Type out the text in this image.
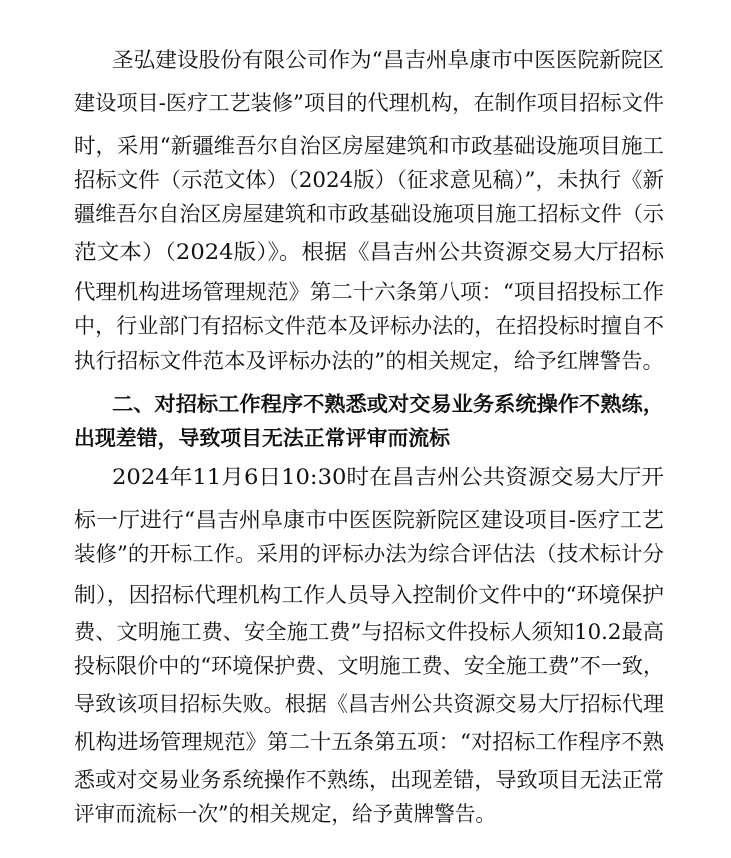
圣弘建设股份有限公司作为“昌吉州阜康市中医医院新院区
建设项目-医疗工艺装修”项目的代理机构，在制作项目招标文件
时，采用“新疆维吾尔自治区房屋建筑和市政基础设施项目施工
招标文件（示范文体）（2024版）（征求意见稿）”，未执行《新
疆维吾尔自治区房屋建筑和市政基础设施项目施工招标文件（示
范文本）（2024版）》。根据《昌吉州公共资源交易大厅招标
代理机构进场管理规范》第二十六条第八项：“项目招投标工作
中，行业部门有招标文件范本及评标办法的，在招投标时擅自不
执行招标文件范本及评标办法的”的相关规定，给予红牌警告。
二、对招标工作程序不熟悉或对交易业务系统操作不熟练，
出现差错，导致项目无法正常评审而流标
2024年11月6日10:30时在昌吉州公共资源交易大厅开
标一厅进行“昌吉州阜康市中医医院新院区建设项目-医疗工艺
装修”的开标工作。采用的评标办法为综合评估法（技术标计分
制），因招标代理机构工作人员导入控制价文件中的“环境保护
费、文明施工费、安全施工费”与招标文件投标人须知10.2最高
投标限价中的“环境保护费、文明施工费、安全施工费”不一致，
导致该项目招标失败。根据《昌吉州公共资源交易大厅招标代理
机构进场管理规范》第二十五条第五项：“对招标工作程序不熟
悉或对交易业务系统操作不熟练，出现差错，导致项目无法正常
评审而流标一次”的相关规定，给予黄牌警告。
